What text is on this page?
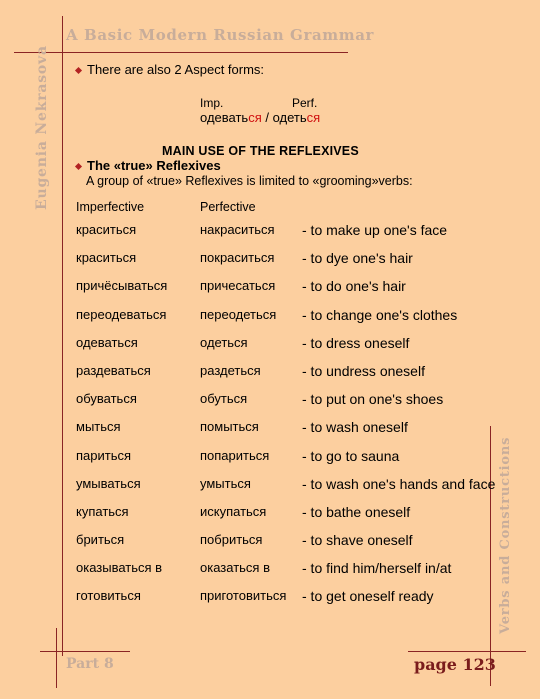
A Basic Modern Russian Grammar
Eugenia Nekrasova
Verbs and Constructions
Part 8	page 123
There are also 2 Aspect forms:
Imp.	Perf.
одеваться / одеться
MAIN USE OF THE REFLEXIVES
The «true» Reflexives
A group of «true» Reflexives is limited to «grooming»verbs:
Imperfective	Perfective
краситься	накраситься - to make up one's face
краситься	покраситься - to dye one's hair
причёсываться	причесаться - to do one's hair
переодеваться	переодеться - to change one's clothes
одеваться	одеться	- to dress oneself
раздеваться	раздеться	- to undress oneself
обуваться	обуться	- to put on one's shoes
мыться	помыться	- to wash oneself
париться	попариться - to go to sauna
умываться	умыться	- to wash one's hands and face
купаться	искупаться	- to bathe oneself
бриться	побриться	- to shave oneself
оказываться в	оказаться в - to find him/herself in/at
готовиться	приготовиться - to get oneself ready
